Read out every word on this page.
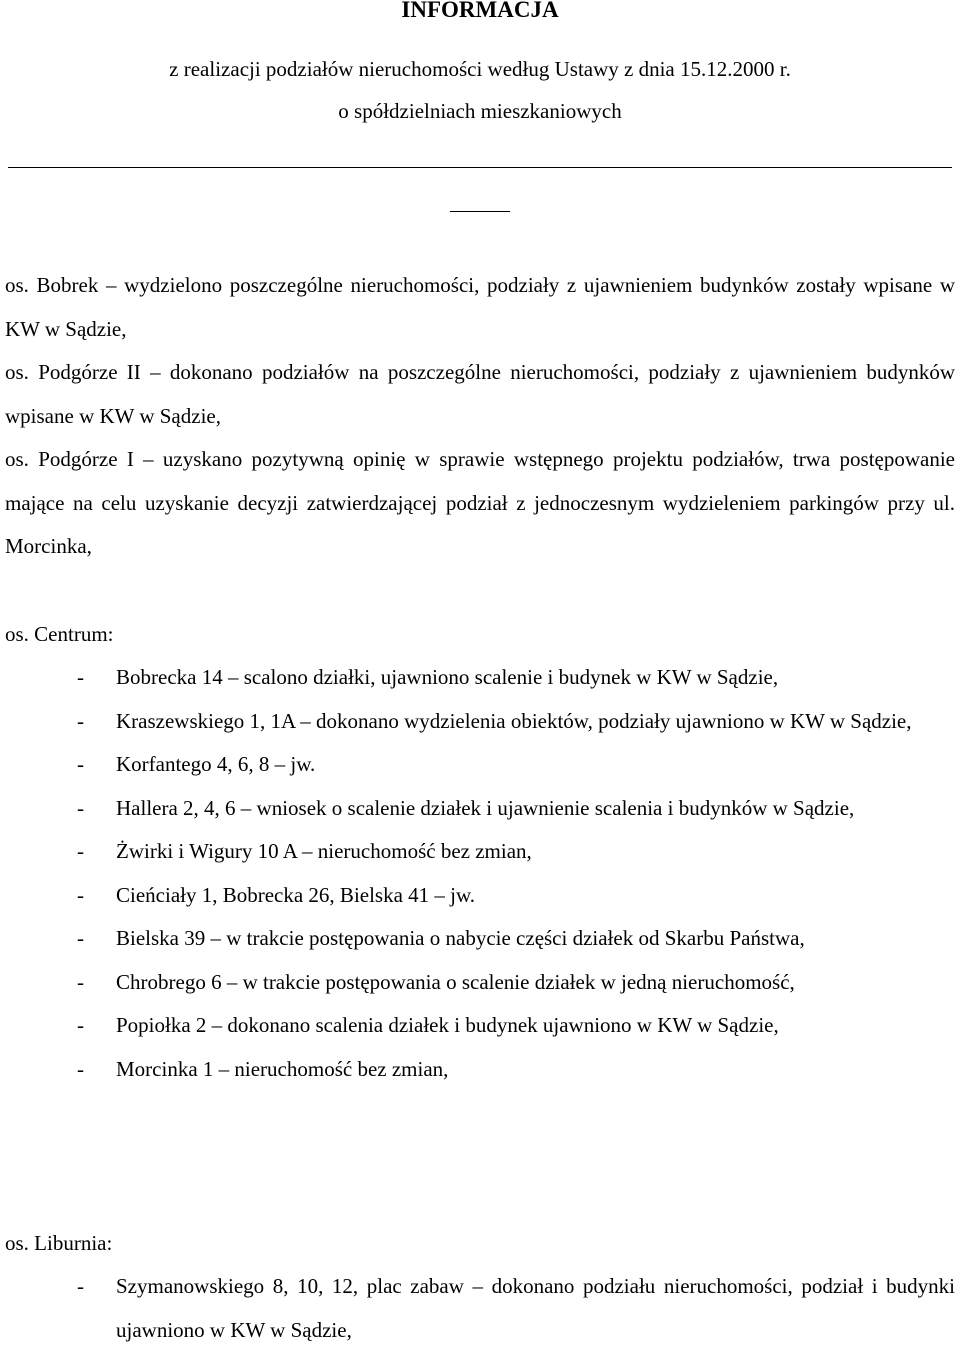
INFORMACJA
z realizacji podziałów nieruchomości według Ustawy z dnia 15.12.2000 r.
o spółdzielniach mieszkaniowych
os. Bobrek – wydzielono poszczególne nieruchomości, podziały z ujawnieniem budynków zostały wpisane w KW w Sądzie,
os. Podgórze II – dokonano podziałów na poszczególne nieruchomości, podziały z ujawnieniem budynków wpisane w KW w Sądzie,
os. Podgórze I – uzyskano pozytywną opinię w sprawie wstępnego projektu podziałów, trwa postępowanie mające na celu uzyskanie decyzji zatwierdzającej podział z jednoczesnym wydzieleniem parkingów przy ul. Morcinka,
os. Centrum:
- Bobrecka 14 – scalono działki, ujawniono scalenie i budynek w KW w Sądzie,
- Kraszewskiego 1, 1A – dokonano wydzielenia obiektów, podziały ujawniono w KW w Sądzie,
- Korfantego 4, 6, 8 – jw.
- Hallera 2, 4, 6 – wniosek o scalenie działek i ujawnienie scalenia i budynków w Sądzie,
- Żwirki i Wigury 10 A – nieruchomość bez zmian,
- Cieńciały 1, Bobrecka 26, Bielska 41 – jw.
- Bielska 39 – w trakcie postępowania o nabycie części działek od Skarbu Państwa,
- Chrobrego 6 – w trakcie postępowania o scalenie działek w jedną nieruchomość,
- Popiołka 2 – dokonano scalenia działek i budynek ujawniono w KW w Sądzie,
- Morcinka 1 – nieruchomość bez zmian,
os. Liburnia:
- Szymanowskiego 8, 10, 12, plac zabaw – dokonano podziału nieruchomości, podział i budynki ujawniono w KW w Sądzie,
